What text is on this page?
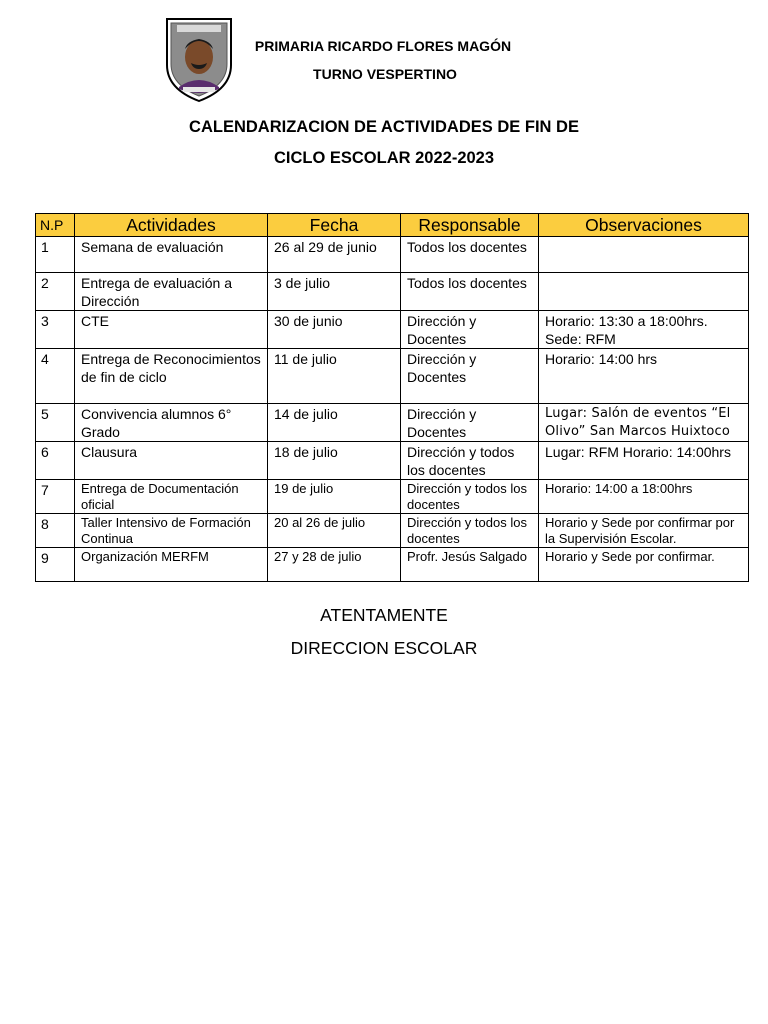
PRIMARIA RICARDO FLORES MAGÓN
TURNO VESPERTINO
CALENDARIZACION DE ACTIVIDADES DE FIN DE
CICLO ESCOLAR 2022-2023
N.P	Actividades	Fecha	Responsable	Observaciones
1	Semana de evaluación	26 al 29 de junio	Todos los docentes	
2	Entrega de evaluación a Dirección	3 de julio	Todos los docentes	
3	CTE	30 de junio	Dirección y Docentes	Horario: 13:30 a 18:00hrs. Sede: RFM
4	Entrega de Reconocimientos de fin de ciclo	11 de julio	Dirección y Docentes	Horario: 14:00 hrs
5	Convivencia alumnos 6° Grado	14 de julio	Dirección y Docentes	Lugar: Salón de eventos “El Olivo” San Marcos Huixtoco
6	Clausura	18 de julio	Dirección y todos los docentes	Lugar: RFM Horario: 14:00hrs
7	Entrega de Documentación oficial	19 de julio	Dirección y todos los docentes	Horario: 14:00 a 18:00hrs
8	Taller Intensivo de Formación Continua	20 al 26 de julio	Dirección y todos los docentes	Horario y Sede por confirmar por la Supervisión Escolar.
9	Organización MERFM	27 y 28 de julio	Profr. Jesús Salgado	Horario y Sede por confirmar.
ATENTAMENTE
DIRECCION ESCOLAR
